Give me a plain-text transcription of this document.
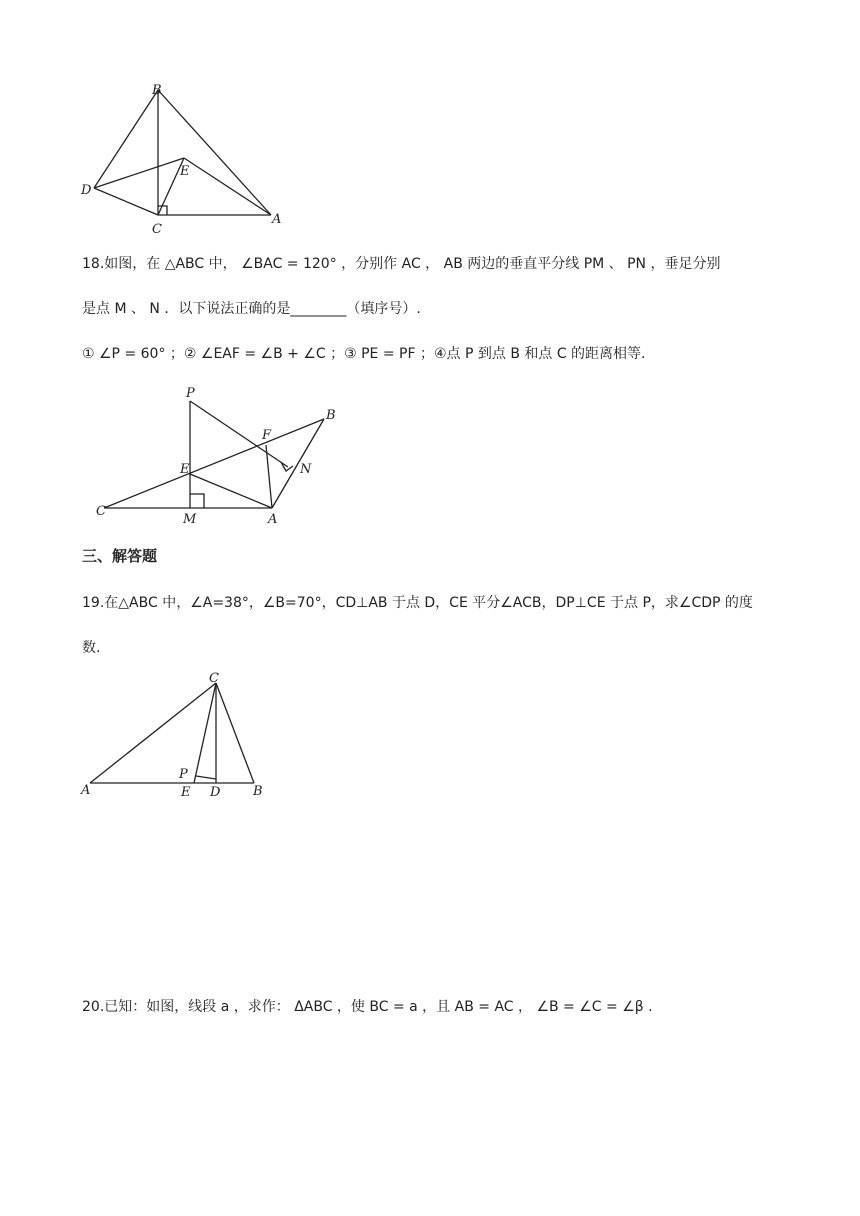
B
D
E
C
A
18.如图，在 △ABC 中， ∠BAC = 120° ，分别作 AC ， AB 两边的垂直平分线 PM 、 PN ，垂足分别
是点 M 、 N ．以下说法正确的是________（填序号）.
① ∠P = 60° ；② ∠EAF = ∠B + ∠C ；③ PE = PF ；④点 P 到点 B 和点 C 的距离相等.
P
B
F
N
E
C
M	A
三、解答题
19.在△ABC 中，∠A=38°，∠B=70°，CD⊥AB 于点 D，CE 平分∠ACB，DP⊥CE 于点 P，求∠CDP 的度
数.
C
P
A	E D	B
20.已知：如图，线段 a ，求作： ΔABC ，使 BC = a ，且 AB = AC ， ∠B = ∠C = ∠β .
